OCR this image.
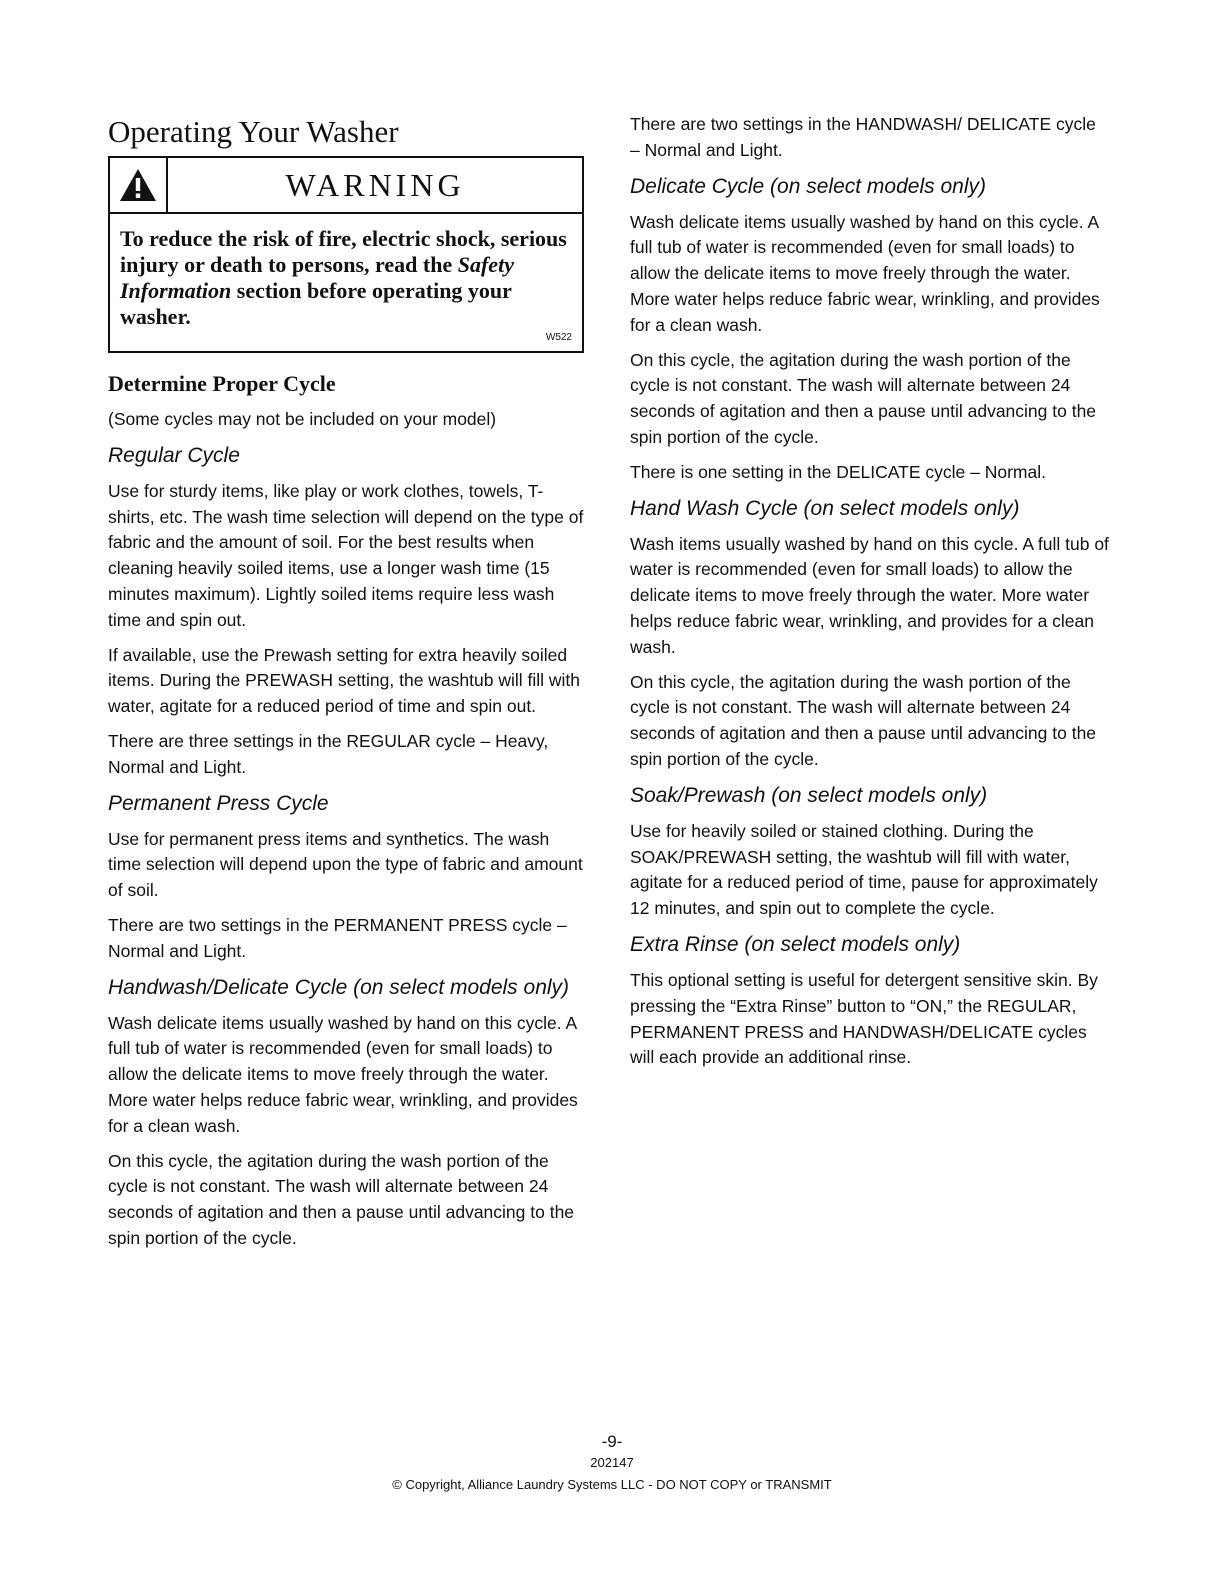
Operating Your Washer
WARNING

To reduce the risk of fire, electric shock, serious injury or death to persons, read the Safety Information section before operating your washer.

W522
Determine Proper Cycle

(Some cycles may not be included on your model)

Regular Cycle

Use for sturdy items, like play or work clothes, towels, T-shirts, etc. The wash time selection will depend on the type of fabric and the amount of soil. For the best results when cleaning heavily soiled items, use a longer wash time (15 minutes maximum). Lightly soiled items require less wash time and spin out.

If available, use the Prewash setting for extra heavily soiled items. During the PREWASH setting, the washtub will fill with water, agitate for a reduced period of time and spin out.

There are three settings in the REGULAR cycle – Heavy, Normal and Light.

Permanent Press Cycle

Use for permanent press items and synthetics. The wash time selection will depend upon the type of fabric and amount of soil.

There are two settings in the PERMANENT PRESS cycle – Normal and Light.

Handwash/Delicate Cycle (on select models only)

Wash delicate items usually washed by hand on this cycle. A full tub of water is recommended (even for small loads) to allow the delicate items to move freely through the water. More water helps reduce fabric wear, wrinkling, and provides for a clean wash.

On this cycle, the agitation during the wash portion of the cycle is not constant. The wash will alternate between 24 seconds of agitation and then a pause until advancing to the spin portion of the cycle.

There are two settings in the HANDWASH/ DELICATE cycle – Normal and Light.

Delicate Cycle (on select models only)

Wash delicate items usually washed by hand on this cycle. A full tub of water is recommended (even for small loads) to allow the delicate items to move freely through the water. More water helps reduce fabric wear, wrinkling, and provides for a clean wash.

On this cycle, the agitation during the wash portion of the cycle is not constant. The wash will alternate between 24 seconds of agitation and then a pause until advancing to the spin portion of the cycle.

There is one setting in the DELICATE cycle – Normal.

Hand Wash Cycle (on select models only)

Wash items usually washed by hand on this cycle. A full tub of water is recommended (even for small loads) to allow the delicate items to move freely through the water. More water helps reduce fabric wear, wrinkling, and provides for a clean wash.

On this cycle, the agitation during the wash portion of the cycle is not constant. The wash will alternate between 24 seconds of agitation and then a pause until advancing to the spin portion of the cycle.

Soak/Prewash (on select models only)

Use for heavily soiled or stained clothing. During the SOAK/PREWASH setting, the washtub will fill with water, agitate for a reduced period of time, pause for approximately 12 minutes, and spin out to complete the cycle.

Extra Rinse (on select models only)

This optional setting is useful for detergent sensitive skin. By pressing the “Extra Rinse” button to “ON,” the REGULAR, PERMANENT PRESS and HANDWASH/DELICATE cycles will each provide an additional rinse.

-9-
202147
© Copyright, Alliance Laundry Systems LLC - DO NOT COPY or TRANSMIT
